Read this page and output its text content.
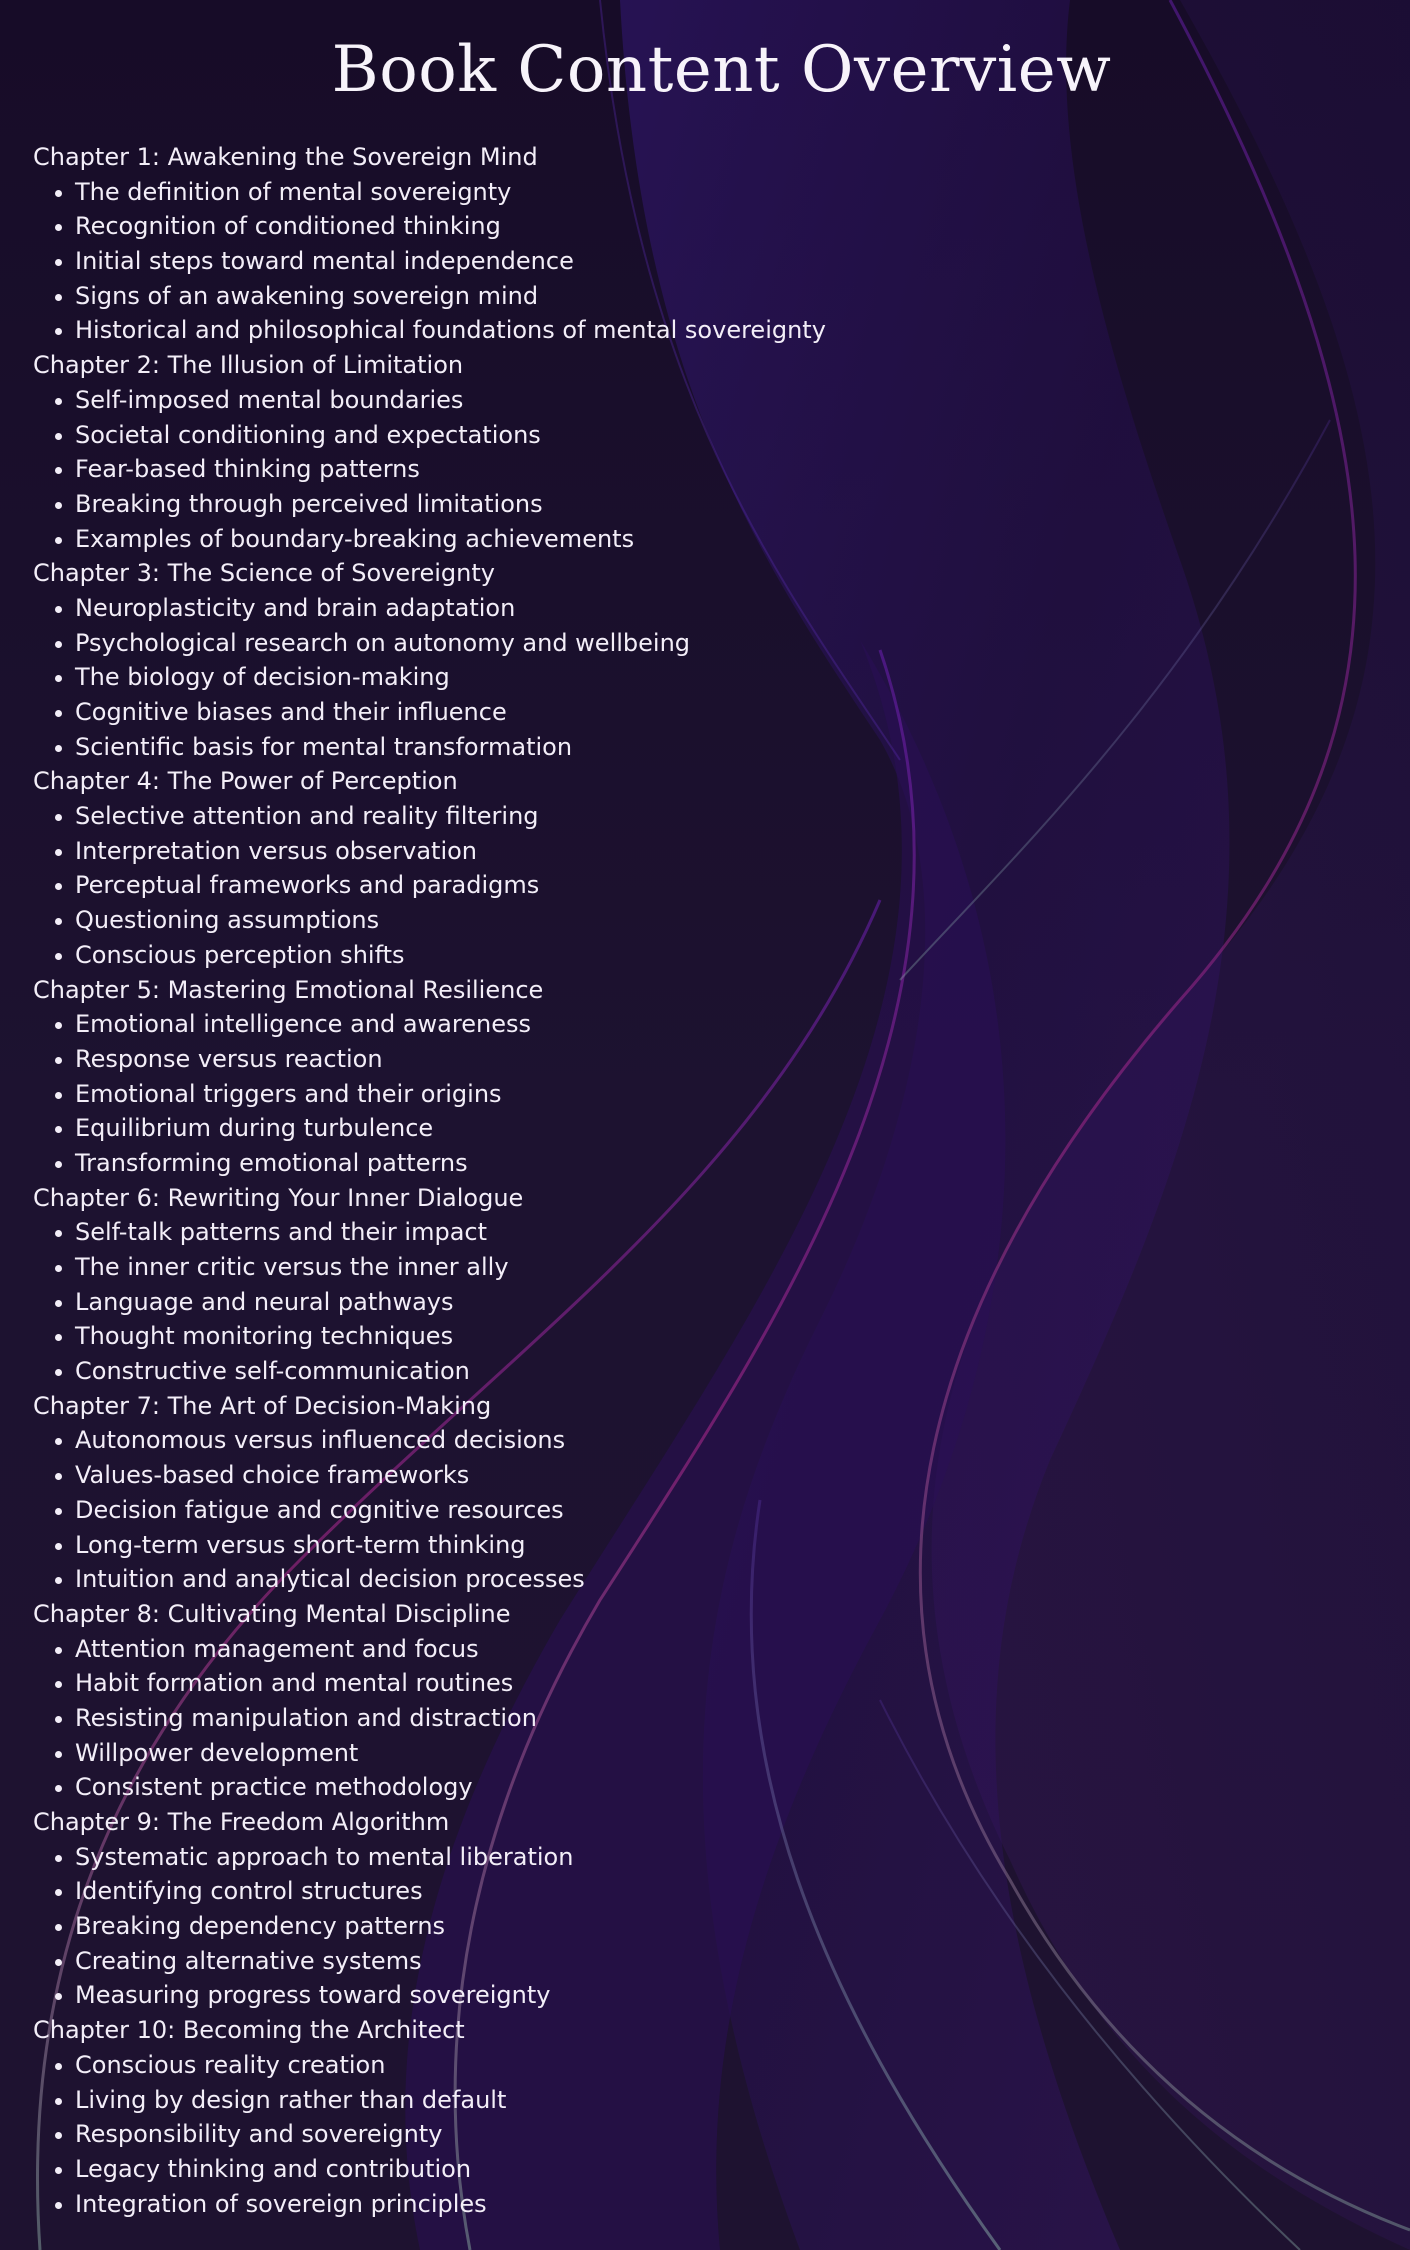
Book Content Overview
Chapter 1: Awakening the Sovereign Mind
The definition of mental sovereignty
Recognition of conditioned thinking
Initial steps toward mental independence
Signs of an awakening sovereign mind
Historical and philosophical foundations of mental sovereignty
Chapter 2: The Illusion of Limitation
Self-imposed mental boundaries
Societal conditioning and expectations
Fear-based thinking patterns
Breaking through perceived limitations
Examples of boundary-breaking achievements
Chapter 3: The Science of Sovereignty
Neuroplasticity and brain adaptation
Psychological research on autonomy and wellbeing
The biology of decision-making
Cognitive biases and their influence
Scientific basis for mental transformation
Chapter 4: The Power of Perception
Selective attention and reality filtering
Interpretation versus observation
Perceptual frameworks and paradigms
Questioning assumptions
Conscious perception shifts
Chapter 5: Mastering Emotional Resilience
Emotional intelligence and awareness
Response versus reaction
Emotional triggers and their origins
Equilibrium during turbulence
Transforming emotional patterns
Chapter 6: Rewriting Your Inner Dialogue
Self-talk patterns and their impact
The inner critic versus the inner ally
Language and neural pathways
Thought monitoring techniques
Constructive self-communication
Chapter 7: The Art of Decision-Making
Autonomous versus influenced decisions
Values-based choice frameworks
Decision fatigue and cognitive resources
Long-term versus short-term thinking
Intuition and analytical decision processes
Chapter 8: Cultivating Mental Discipline
Attention management and focus
Habit formation and mental routines
Resisting manipulation and distraction
Willpower development
Consistent practice methodology
Chapter 9: The Freedom Algorithm
Systematic approach to mental liberation
Identifying control structures
Breaking dependency patterns
Creating alternative systems
Measuring progress toward sovereignty
Chapter 10: Becoming the Architect
Conscious reality creation
Living by design rather than default
Responsibility and sovereignty
Legacy thinking and contribution
Integration of sovereign principles
